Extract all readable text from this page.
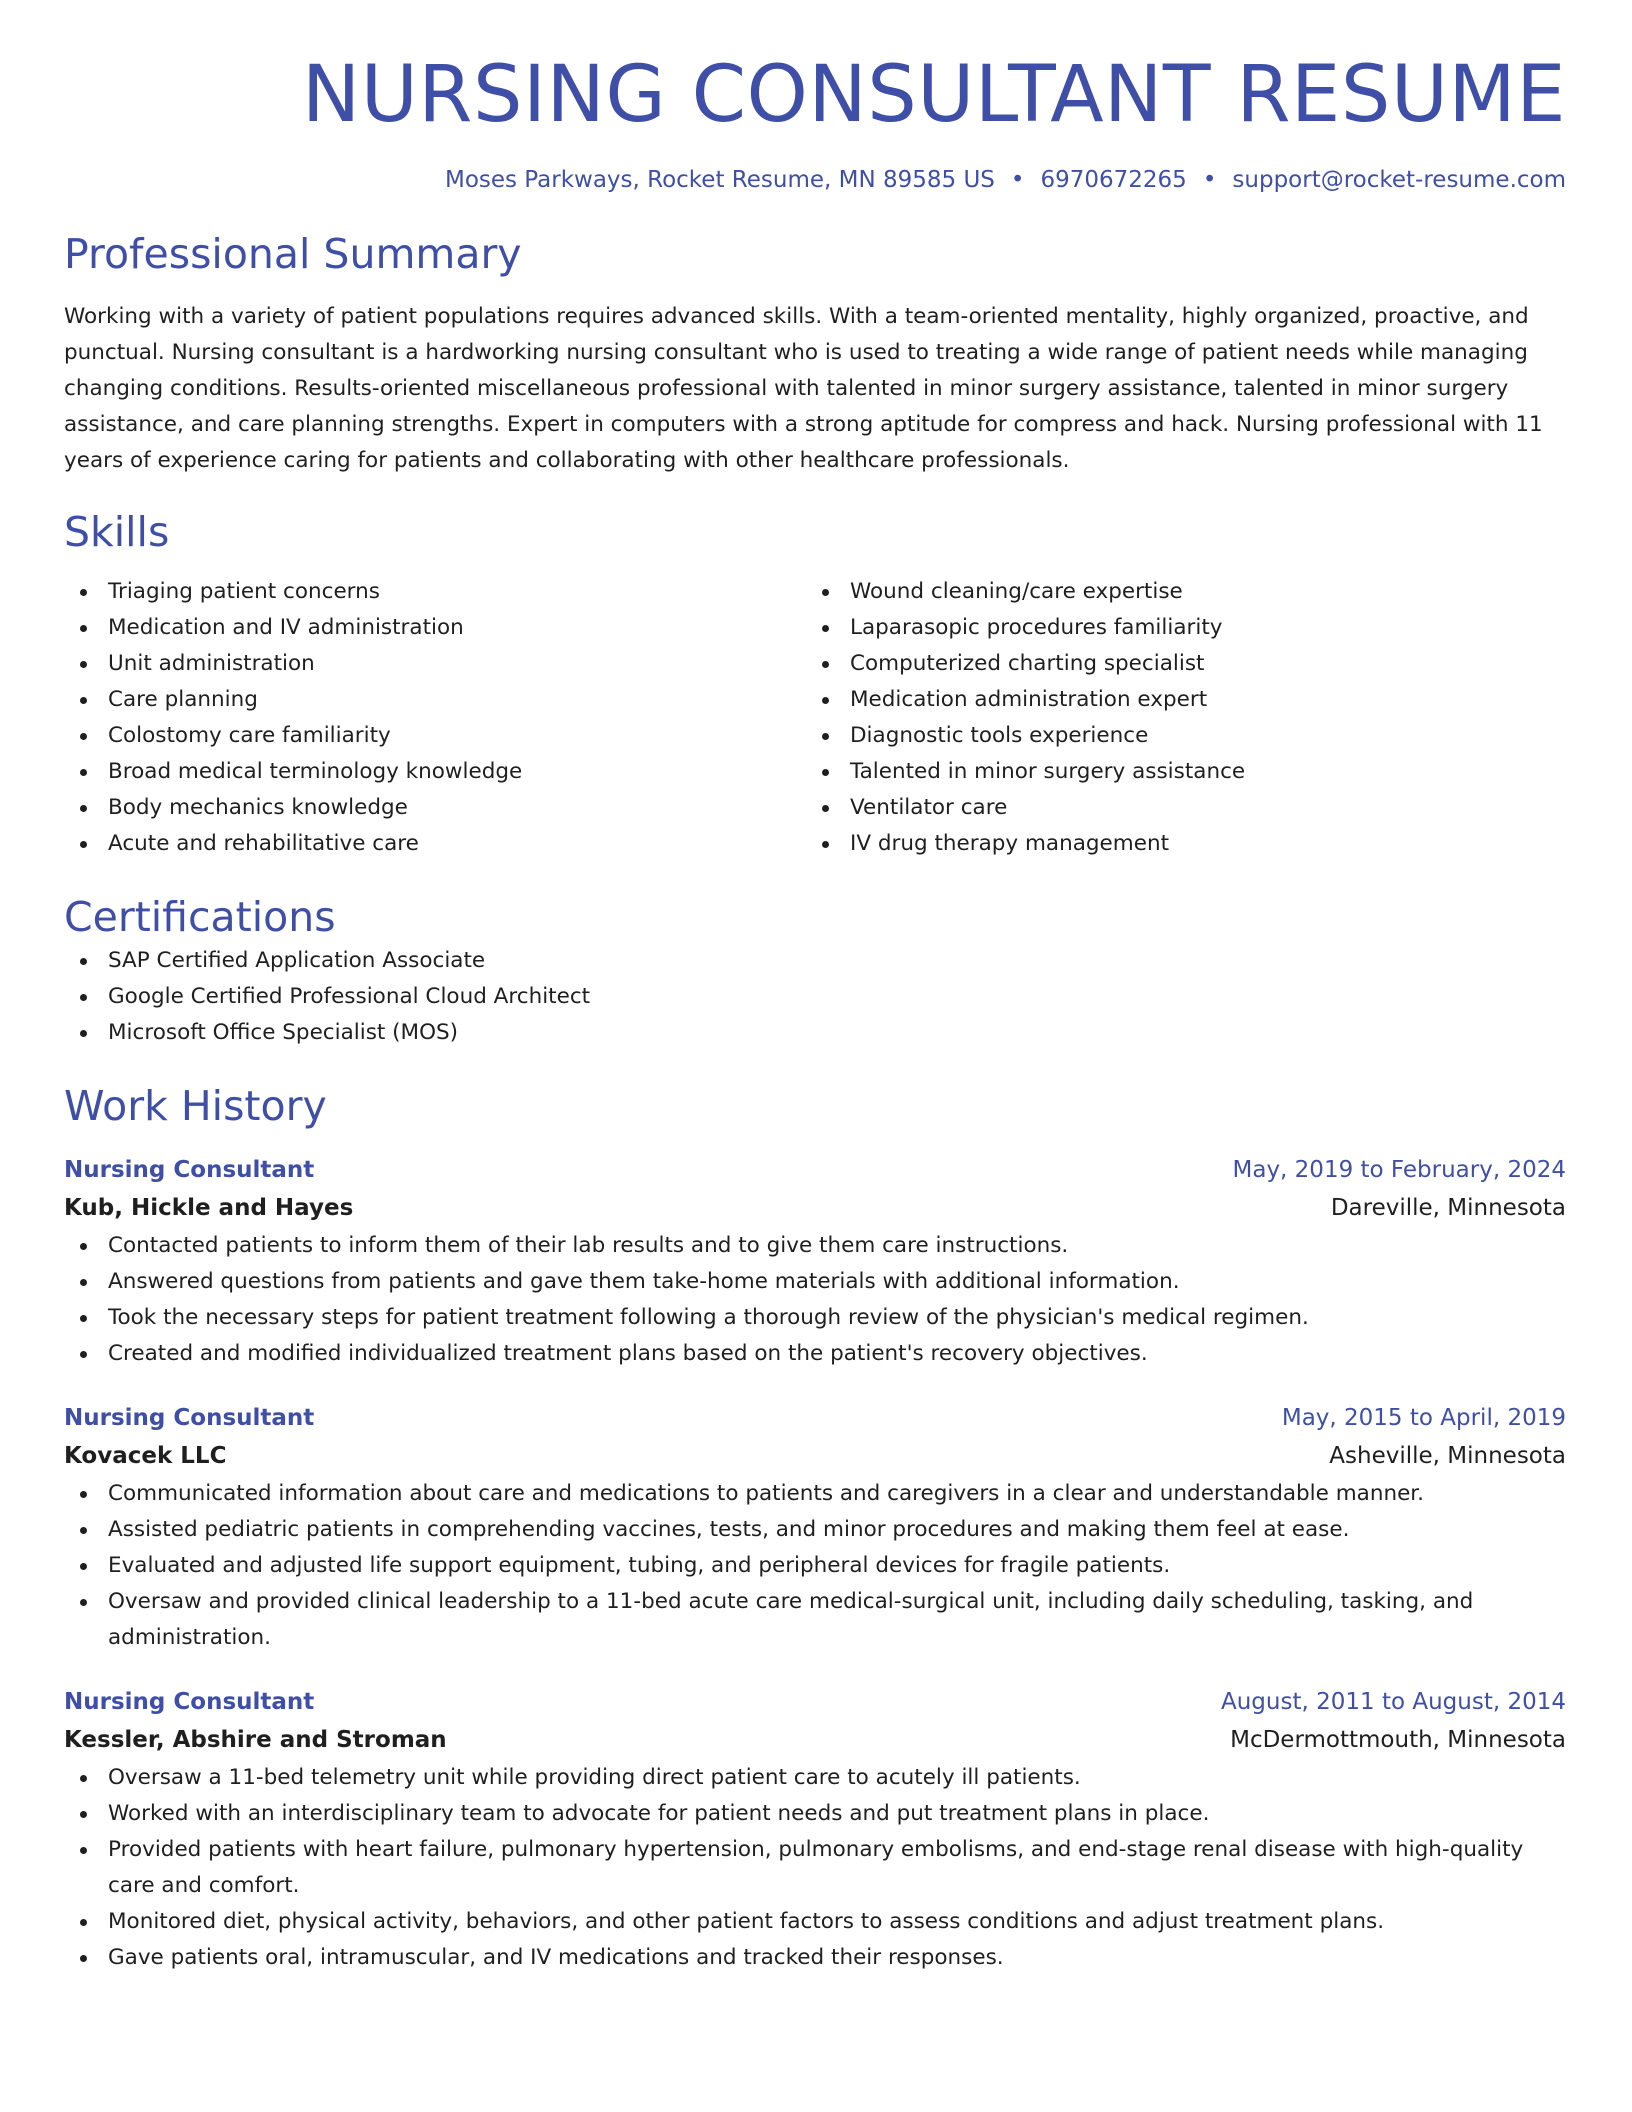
NURSING CONSULTANT RESUME
Moses Parkways, Rocket Resume, MN 89585 US • 6970672265 • support@rocket-resume.com
Professional Summary
Working with a variety of patient populations requires advanced skills. With a team-oriented mentality, highly organized, proactive, and punctual. Nursing consultant is a hardworking nursing consultant who is used to treating a wide range of patient needs while managing changing conditions. Results-oriented miscellaneous professional with talented in minor surgery assistance, talented in minor surgery assistance, and care planning strengths. Expert in computers with a strong aptitude for compress and hack. Nursing professional with 11 years of experience caring for patients and collaborating with other healthcare professionals.
Skills
Triaging patient concerns
Medication and IV administration
Unit administration
Care planning
Colostomy care familiarity
Broad medical terminology knowledge
Body mechanics knowledge
Acute and rehabilitative care
Wound cleaning/care expertise
Laparasopic procedures familiarity
Computerized charting specialist
Medication administration expert
Diagnostic tools experience
Talented in minor surgery assistance
Ventilator care
IV drug therapy management
Certifications
SAP Certified Application Associate
Google Certified Professional Cloud Architect
Microsoft Office Specialist (MOS)
Work History
Nursing Consultant	May, 2019 to February, 2024
Kub, Hickle and Hayes	Dareville, Minnesota
Contacted patients to inform them of their lab results and to give them care instructions.
Answered questions from patients and gave them take-home materials with additional information.
Took the necessary steps for patient treatment following a thorough review of the physician's medical regimen.
Created and modified individualized treatment plans based on the patient's recovery objectives.
Nursing Consultant	May, 2015 to April, 2019
Kovacek LLC	Asheville, Minnesota
Communicated information about care and medications to patients and caregivers in a clear and understandable manner.
Assisted pediatric patients in comprehending vaccines, tests, and minor procedures and making them feel at ease.
Evaluated and adjusted life support equipment, tubing, and peripheral devices for fragile patients.
Oversaw and provided clinical leadership to a 11-bed acute care medical-surgical unit, including daily scheduling, tasking, and administration.
Nursing Consultant	August, 2011 to August, 2014
Kessler, Abshire and Stroman	McDermottmouth, Minnesota
Oversaw a 11-bed telemetry unit while providing direct patient care to acutely ill patients.
Worked with an interdisciplinary team to advocate for patient needs and put treatment plans in place.
Provided patients with heart failure, pulmonary hypertension, pulmonary embolisms, and end-stage renal disease with high-quality care and comfort.
Monitored diet, physical activity, behaviors, and other patient factors to assess conditions and adjust treatment plans.
Gave patients oral, intramuscular, and IV medications and tracked their responses.
